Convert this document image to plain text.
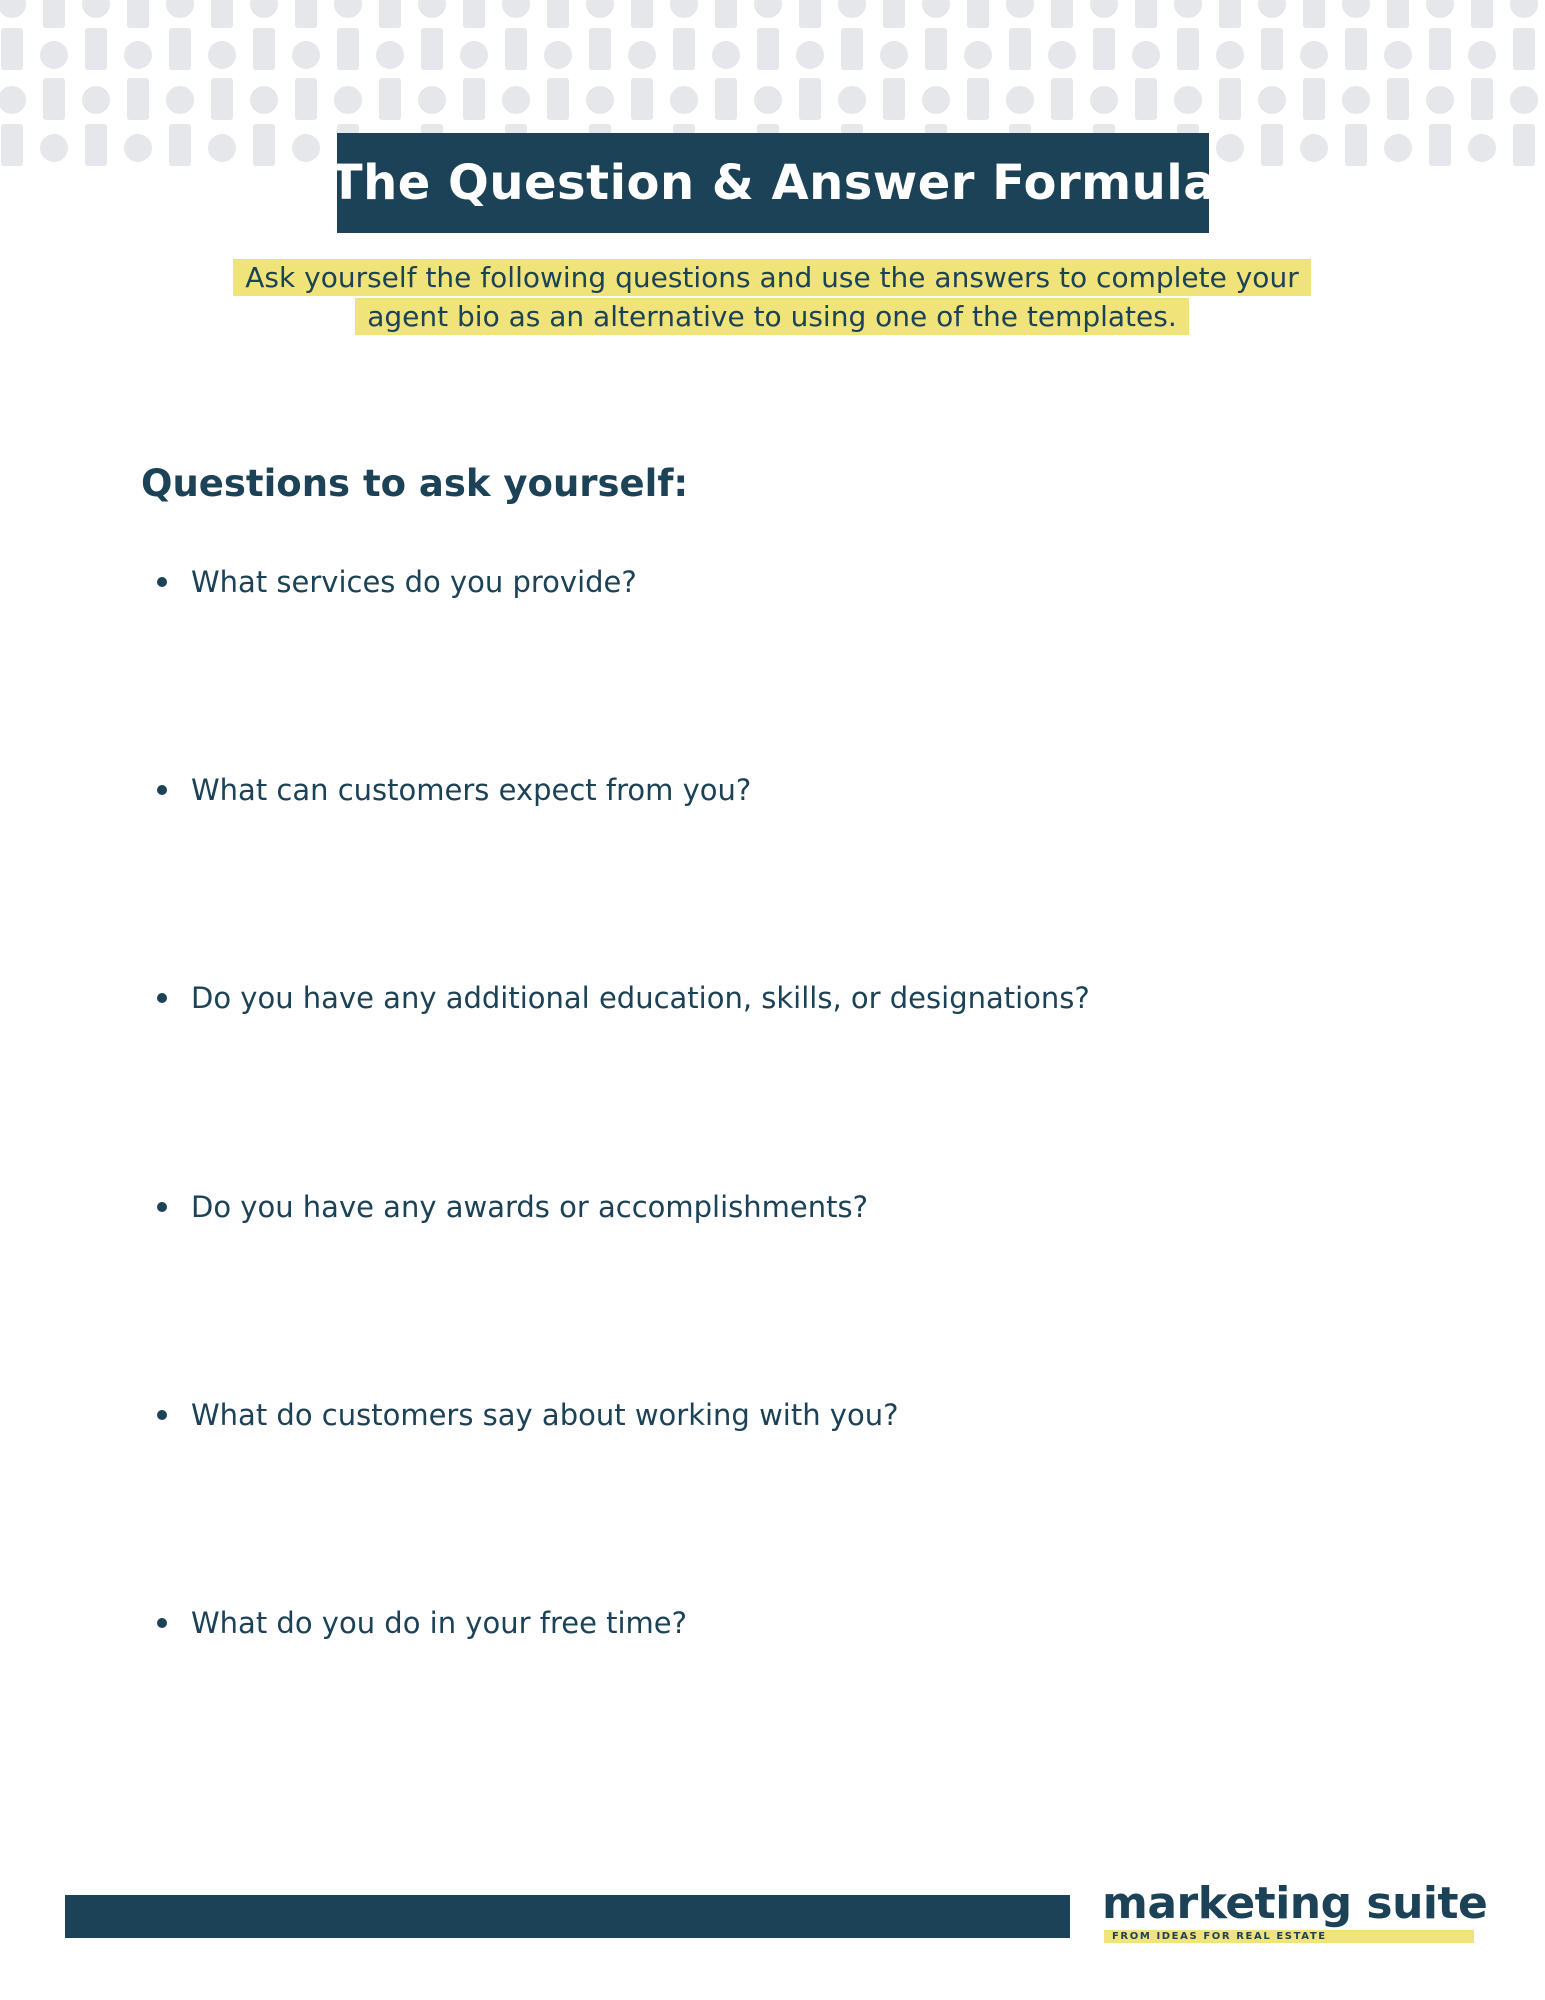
The Question & Answer Formula
Ask yourself the following questions and use the answers to complete your
agent bio as an alternative to using one of the templates.
Questions to ask yourself:
What services do you provide?
What can customers expect from you?
Do you have any additional education, skills, or designations?
Do you have any awards or accomplishments?
What do customers say about working with you?
What do you do in your free time?
marketing suite
FROM IDEAS FOR REAL ESTATE
